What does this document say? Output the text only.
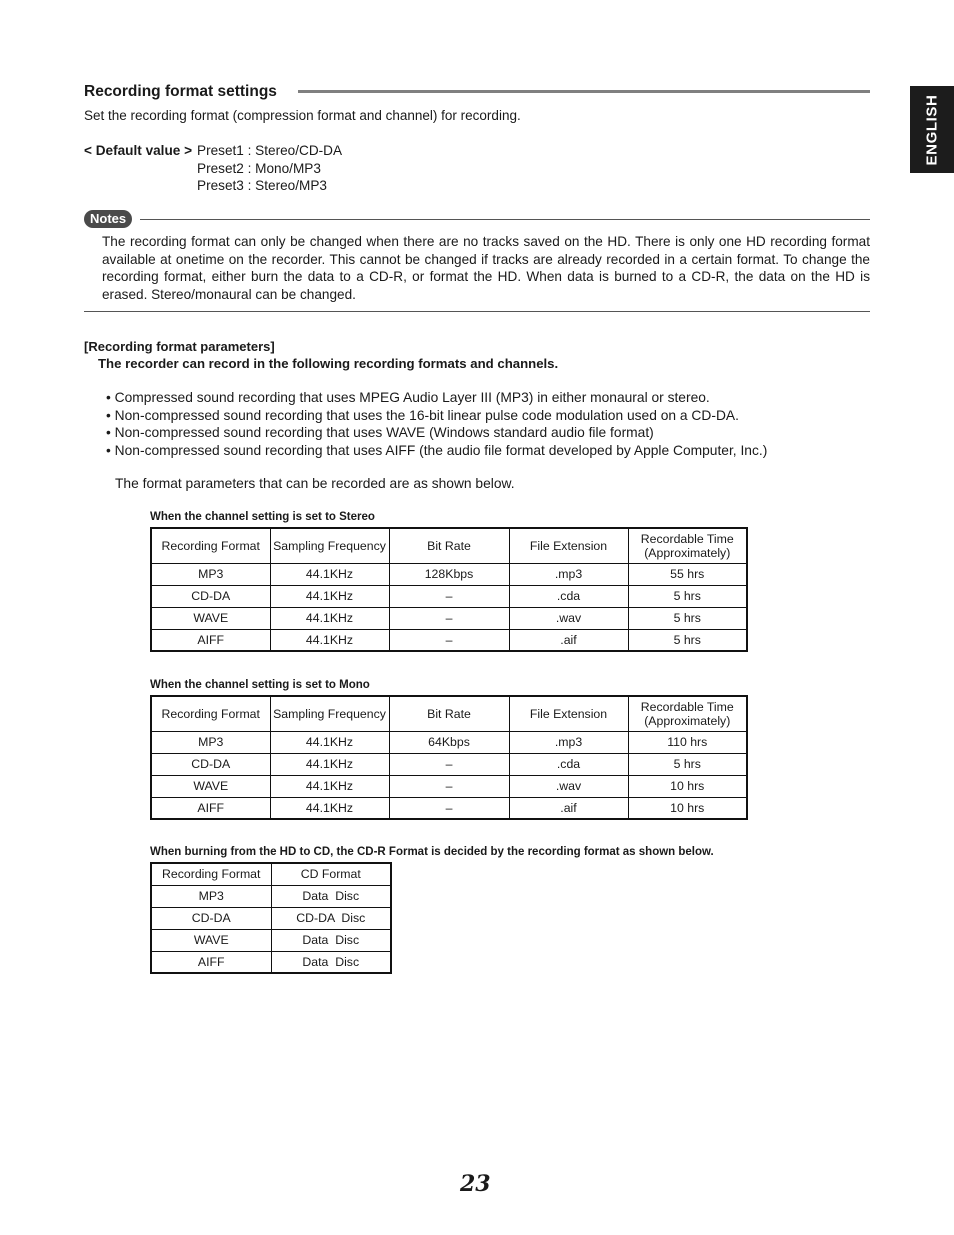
Recording format settings
Set the recording format (compression format and channel) for recording.	ENGLISH
< Default value > Preset1 : Stereo/CD-DA
Preset2 : Mono/MP3
Preset3 : Stereo/MP3
Notes
The recording format can only be changed when there are no tracks saved on the HD. There is only one HD recording format available at onetime on the recorder. This cannot be changed if tracks are already recorded in a certain format. To change the recording format, either burn the data to a CD-R, or format the HD. When data is burned to a CD-R, the data on the HD is erased. Stereo/monaural can be changed.
[Recording format parameters]
The recorder can record in the following recording formats and channels.
• Compressed sound recording that uses MPEG Audio Layer III (MP3) in either monaural or stereo.
• Non-compressed sound recording that uses the 16-bit linear pulse code modulation used on a CD-DA.
• Non-compressed sound recording that uses WAVE (Windows standard audio file format)
• Non-compressed sound recording that uses AIFF (the audio file format developed by Apple Computer, Inc.)
The format parameters that can be recorded are as shown below.
When the channel setting is set to Stereo
Recording Format	Sampling Frequency	Bit Rate	File Extension	Recordable Time
(Approximately)
MP3	44.1KHz	128Kbps	.mp3	55 hrs
CD-DA	44.1KHz	–	.cda	5 hrs
WAVE	44.1KHz	–	.wav	5 hrs
AIFF	44.1KHz	–	.aif	5 hrs
When the channel setting is set to Mono
Recording Format	Sampling Frequency	Bit Rate	File Extension	Recordable Time
(Approximately)
MP3	44.1KHz	64Kbps	.mp3	110 hrs
CD-DA	44.1KHz	–	.cda	5 hrs
WAVE	44.1KHz	–	.wav	10 hrs
AIFF	44.1KHz	–	.aif	10 hrs
When burning from the HD to CD, the CD-R Format is decided by the recording format as shown below.
Recording Format	CD Format
MP3	Data  Disc
CD-DA	CD-DA  Disc
WAVE	Data  Disc
AIFF	Data  Disc
23
